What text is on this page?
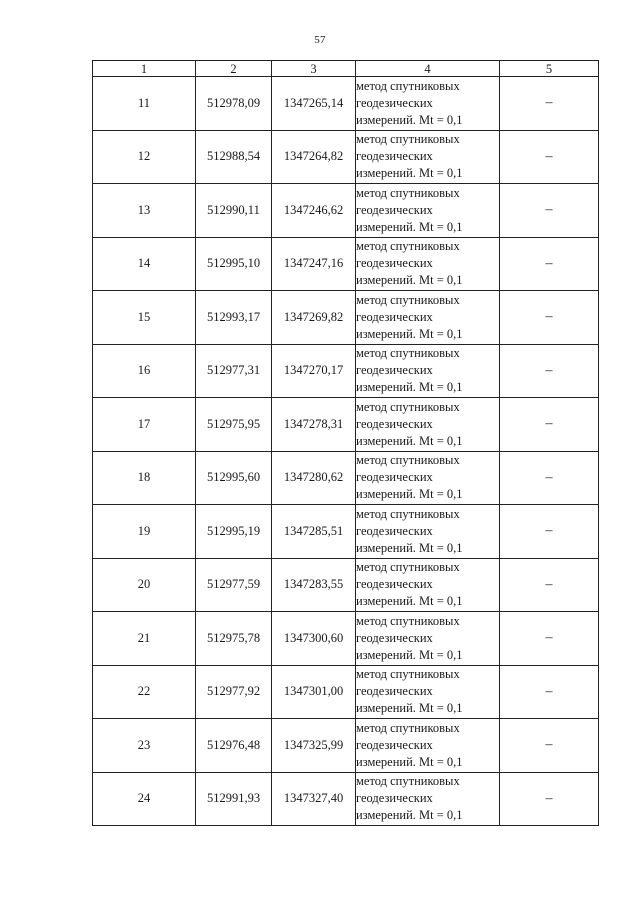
57
1	2	3	4	5
11	512978,09	1347265,14	метод спутниковых
геодезических
измерений. Mt = 0,1	–
12	512988,54	1347264,82	метод спутниковых
геодезических
измерений. Mt = 0,1	–
13	512990,11	1347246,62	метод спутниковых
геодезических
измерений. Mt = 0,1	–
14	512995,10	1347247,16	метод спутниковых
геодезических
измерений. Mt = 0,1	–
15	512993,17	1347269,82	метод спутниковых
геодезических
измерений. Mt = 0,1	–
16	512977,31	1347270,17	метод спутниковых
геодезических
измерений. Mt = 0,1	–
17	512975,95	1347278,31	метод спутниковых
геодезических
измерений. Mt = 0,1	–
18	512995,60	1347280,62	метод спутниковых
геодезических
измерений. Mt = 0,1	–
19	512995,19	1347285,51	метод спутниковых
геодезических
измерений. Mt = 0,1	–
20	512977,59	1347283,55	метод спутниковых
геодезических
измерений. Mt = 0,1	–
21	512975,78	1347300,60	метод спутниковых
геодезических
измерений. Mt = 0,1	–
22	512977,92	1347301,00	метод спутниковых
геодезических
измерений. Mt = 0,1	–
23	512976,48	1347325,99	метод спутниковых
геодезических
измерений. Mt = 0,1	–
24	512991,93	1347327,40	метод спутниковых
геодезических
измерений. Mt = 0,1	–
